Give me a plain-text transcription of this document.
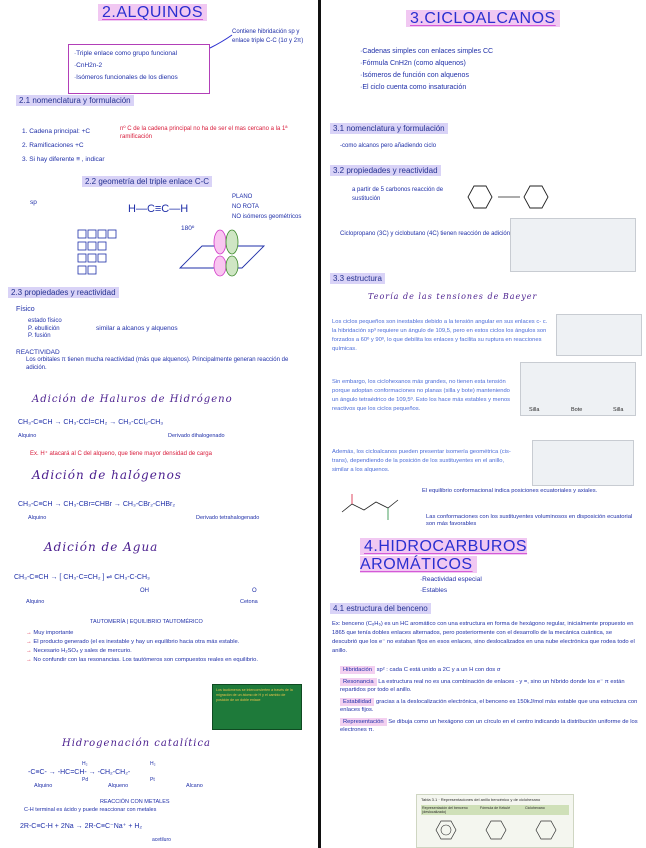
2.ALQUINOS
·Triple enlace como grupo funcional
·CnH2n-2
·Isómeros funcionales de los dienos
Contiene hibridación sp y enlace triple C-C (1σ y 2π)
2.1 nomenclatura y formulación
1. Cadena principal: +C
2. Ramificaciones +C
3. Si hay diferente ≡ , indicar
nº C de la cadena principal no ha de ser el mas cercano a la 1ª ramificación
2.2 geometría del triple enlace C-C
H—C≡C—H
sp
180º
PLANO
NO ROTA
NO isómeros geométricos
2.3 propiedades y reactividad
Físico
estado físico
P. ebullición
P. fusión
similar a alcanos y alquenos
REACTIVIDAD
Los orbitales π tienen mucha reactividad (más que alquenos). Principalmente generan reacción de adición.
Adición de Haluros de Hidrógeno
CH₃-C≡CH → CH₃-CCl=CH₂ → CH₃-CCl₂-CH₃
Alquino	Derivado dihalogenado
Ex. H⁺ atacará al C del alqueno, que tiene mayor densidad de carga
Adición de halógenos
CH₃-C≡CH → CH₃-CBr=CHBr → CH₃-CBr₂-CHBr₂
Alquino	Derivado tetrahalogenado
Adición de Agua
CH₃-C≡CH → [ CH₃-C=CH₂ ] ⇌ CH₃-C-CH₃
OH	O
Alquino	Cetona
TAUTOMERÍA | EQUILIBRIO TAUTOMÉRICO
→ Muy importante
→ El producto generado (el es inestable y hay un equilibrio hacia otra más estable.
→ Necesario H₂SO₄ y sales de mercurio.
→ No confundir con las resonancias. Los tautómeros son compuestos reales en equilibrio.
Los tautómeros se interconvierten a través de la migración de un átomo de H y el cambio de posición de un doble enlace
Hidrogenación catalítica
-C≡C- → -HC=CH- → -CH₂-CH₂-
Alquino	Alqueno	Alcano
H₂
Pd
H₂
Pt
REACCIÓN CON METALES
C-H terminal es ácido y puede reaccionar con metales
2R-C≡C-H + 2Na → 2R-C≡C⁻Na⁺ + H₂
acetiluro
3.CICLOALCANOS
·Cadenas simples con enlaces simples CC
·Fórmula CnH2n (como alquenos)
·Isómeros de función con alquenos
·El ciclo cuenta como insaturación
3.1 nomenclatura y formulación
-como alcanos pero añadiendo ciclo
3.2 propiedades y reactividad
a partir de 5 carbonos reacción de sustitución
Ciclopropano (3C) y ciclobutano (4C) tienen reacción de adición
3.3 estructura
Teoría de las tensiones de Baeyer
Los ciclos pequeños son inestables debido a la tensión angular en sus enlaces c- c. la hibridación sp³ requiere un ángulo de 109,5, pero en estos ciclos los ángulos son forzados a 60º y 90º, lo que debilita los enlaces y facilita su ruptura en reacciones químicas.
Sin embargo, los ciclohexanos más grandes, no tienen esta tensión porque adoptan conformaciones no planas (silla y bote) manteniendo un ángulo tetraédrico de 109,5º. Esto los hace más estables y menos reactivos que los ciclos pequeños.	Silla	Bote	Silla
Además, los cicloalcanos pueden presentar isomería geométrica (cis-trans), dependiendo de la posición de los sustituyentes en el anillo, similar a los alquenos.
El equilibrio conformacional indica posiciones ecuatoriales y axiales.
Las conformaciones con los sustituyentes voluminosos en disposición ecuatorial son más favorables
4.HIDROCARBUROS AROMÁTICOS
·Reactividad especial
·Estables
4.1 estructura del benceno
Ex: benceno (C₆H₆) es un HC aromático con una estructura en forma de hexágono regular, inicialmente propuesto en 1865 que tenía dobles enlaces alternados, pero posteriormente con el desarrollo de la mecánica cuántica, se descubrió que los e⁻ no estaban fijos en esos enlaces, sino deslocalizados en una nube electrónica que rodea todo el anillo.
Hibridación sp² : cada C está unido a 2C y a un H con dos σ
Resonancia La estructura real no es una combinación de enlaces - y =, sino un híbrido donde los e⁻ π están repartidos por todo el anillo.
Estabilidad gracias a la deslocalización electrónica, el benceno es 150kJ/mol más estable que una estructura con enlaces fijos.
Representación Se dibuja como un hexágono con un círculo en el centro indicando la distribución uniforme de los electrones π.
Tabla 3.1 · Representaciones del anillo bencénico y de ciclohexano
Representación del benceno (deslocalizado)
Fórmula de Kekulé	Ciclohexano
